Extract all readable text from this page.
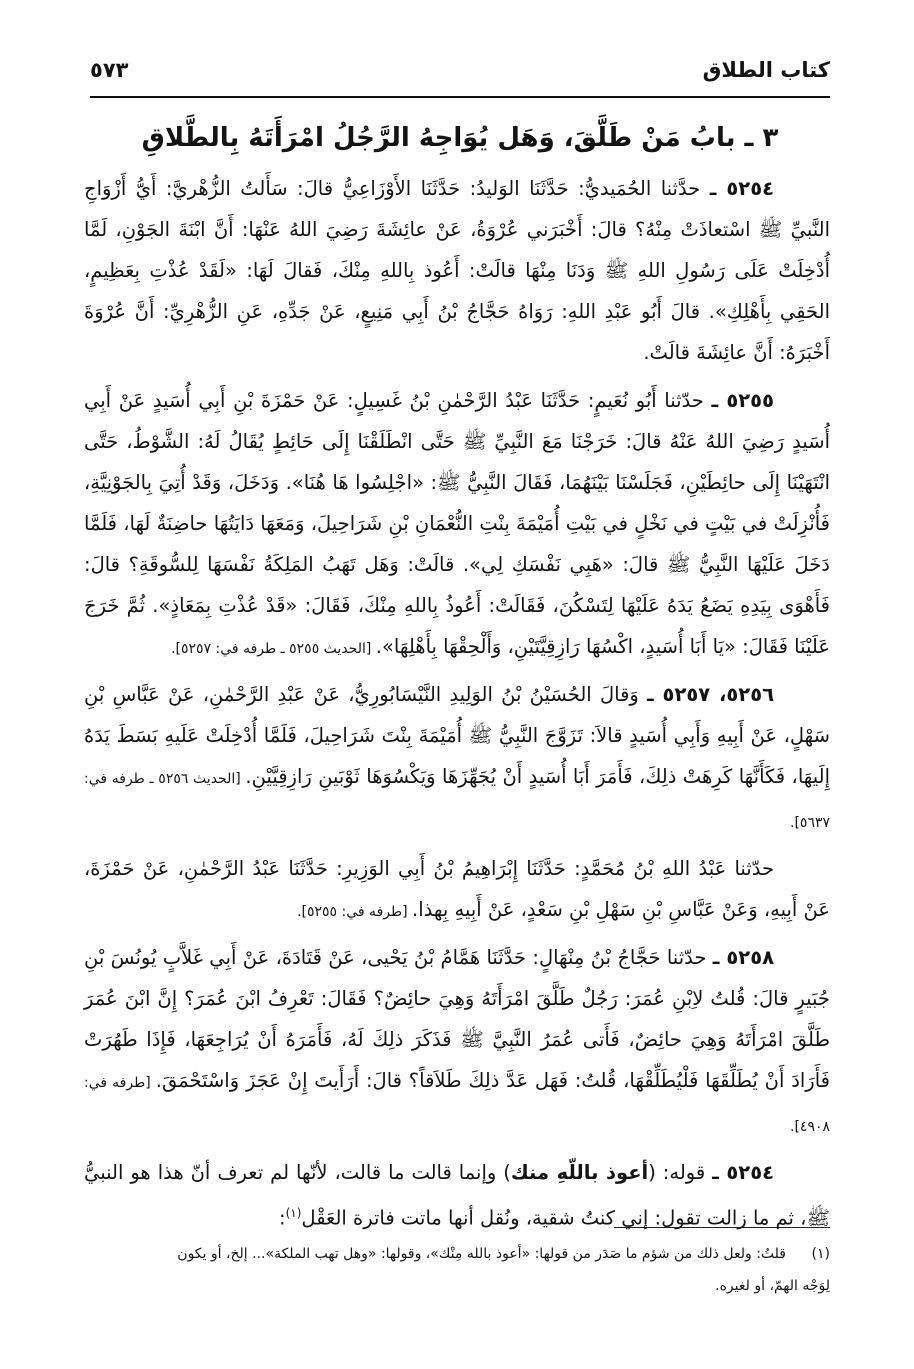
كتاب الطلاق
٥٧٣
٣ ـ بابُ مَنْ طَلَّقَ، وَهَل يُوَاجِهُ الرَّجُلُ امْرَأَتَهُ بِالطَّلاقِ

٥٢٥٤ ـ حدَّثنا الحُمَيديُّ: حَدَّثَنَا الوَليدُ: حَدَّثَنَا الأَوْزَاعِيُّ قالَ: سَأَلتُ الزُّهْريَّ: أَيُّ أَزْوَاجِ النَّبيِّ ﷺ اسْتعاذَتْ مِنْهُ؟ قالَ: أَخْبَرَني عُرْوَةُ، عَنْ عائِشَةَ رَضِيَ اللهُ عَنْهَا: أَنَّ ابْنَةَ الجَوْنِ، لَمَّا أُدْخِلَتْ عَلَى رَسُولِ اللهِ ﷺ وَدَنَا مِنْهَا قالَتْ: أَعُوذ بِاللهِ مِنْكَ، فَقالَ لَهَا: «لَقَدْ عُذْتِ بِعَظِيمٍ، الحَقِي بِأَهْلِكِ». قالَ أَبُو عَبْدِ اللهِ: رَوَاهُ حَجَّاجُ بْنُ أَبِي مَنِيعٍ، عَنْ جَدِّهِ، عَنِ الزُّهْرِيِّ: أَنَّ عُرْوَةَ أَخْبَرَهُ: أَنَّ عائِشَةَ قالَتْ.

٥٢٥٥ ـ حدّثنا أَبُو نُعَيمٍ: حَدَّثَنَا عَبْدُ الرَّحْمٰنِ بْنُ غَسِيلٍ: عَنْ حَمْزَةَ بْنِ أَبِي أُسَيدٍ عَنْ أَبِي أُسَيدٍ رَضِيَ اللهُ عَنْهُ قالَ: خَرَجْنَا مَعَ النَّبِيِّ ﷺ حَتَّى انْطَلَقْنَا إِلَى حَائِطٍ يُقَالُ لَهُ: الشَّوْطُ، حَتَّى انْتَهَيْنَا إِلَى حائِطَيْنِ، فَجَلَسْنَا بَيْنَهُمَا، فَقَالَ النَّبِيُّ ﷺ: «اجْلِسُوا هَا هُنَا». وَدَخَلَ، وَقَدْ أُتِيَ بِالجَوْنِيَّةِ، فَأُنْزِلَتْ في بَيْتٍ في نَخْلٍ في بَيْتِ أُمَيْمَةَ بِنْتِ النُّعْمَانِ بْنِ شَرَاحِيلَ، وَمَعَهَا دَايَتُهَا حاضِنَةٌ لَهَا، فَلَمَّا دَخَلَ عَلَيْهَا النَّبِيُّ ﷺ قالَ: «هَبِي نَفْسَكِ لِي». قالَتْ: وَهَل تَهَبُ المَلِكَةُ نَفْسَهَا لِلسُّوقَةِ؟ قالَ: فَأَهْوَى بِيَدِهِ يَضَعُ يَدَهُ عَلَيْهَا لِتَسْكُنَ، فَقَالَتْ: أَعُوذُ بِاللهِ مِنْكَ، فَقَالَ: «قَدْ عُذْتِ بِمَعَاذٍ». ثُمَّ خَرَجَ عَلَيْنَا فَقَالَ: «يَا أَبَا أُسَيدٍ، اكْسُهَا رَازِقِيَّتَيْنِ، وَأَلْحِقْهَا بِأَهْلِهَا». [الحديث ٥٢٥٥ ـ طرفه في: ٥٢٥٧].

٥٢٥٦، ٥٢٥٧ ـ وَقالَ الحُسَيْنُ بْنُ الوَلِيدِ النَّيْسَابُورِيُّ، عَنْ عَبْدِ الرَّحْمٰنِ، عَنْ عَبَّاسِ بْنِ سَهْلٍ، عَنْ أَبِيهِ وَأَبِي أُسَيدٍ قالاَ: تَزَوَّجَ النَّبِيُّ ﷺ أُمَيْمَةَ بِنْتَ شَرَاحِيلَ، فَلَمَّا أُدْخِلَتْ عَلَيهِ بَسَطَ يَدَهُ إِلَيهَا، فَكَأَنَّهَا كَرِهَتْ ذلِكَ، فَأَمَرَ أَبَا أُسَيدٍ أَنْ يُجَهِّزَهَا وَيَكْسُوَهَا ثَوْبَينِ رَازِقِيَّيْنِ. [الحديث ٥٢٥٦ ـ طرفه في: ٥٦٣٧].

حدّثنا عَبْدُ اللهِ بْنُ مُحَمَّدٍ: حَدَّثَنَا إِبْرَاهِيمُ بْنُ أَبِي الوَزِيرِ: حَدَّثَنَا عَبْدُ الرَّحْمٰنِ، عَنْ حَمْزَةَ، عَنْ أَبِيهِ، وَعَنْ عَبَّاسِ بْنِ سَهْلِ بْنِ سَعْدٍ، عَنْ أَبِيهِ بِهذا. [طرفه في: ٥٢٥٥].

٥٢٥٨ ـ حدّثنا حَجَّاجُ بْنُ مِنْهَالٍ: حَدَّثَنَا هَمَّامُ بْنُ يَحْيى، عَنْ قَتَادَةَ، عَنْ أَبِي غَلاَّبٍ يُونُسَ بْنِ جُبَيرٍ قالَ: قُلتُ لاِبْنِ عُمَرَ: رَجُلٌ طَلَّقَ امْرَأَتَهُ وَهِيَ حائِضٌ؟ فَقَالَ: تَعْرِفُ ابْنَ عُمَرَ؟ إِنَّ ابْنَ عُمَرَ طَلَّقَ امْرَأَتَهُ وَهِيَ حائِضٌ، فَأَتى عُمَرُ النَّبِيَّ ﷺ فَذَكَرَ ذلِكَ لَهُ، فَأَمَرَهُ أَنْ يُرَاجِعَهَا، فَإِذَا طَهُرَتْ فَأَرَادَ أَنْ يُطَلِّقَهَا فَلْيُطَلِّقْهَا، قُلتُ: فَهَل عَدَّ ذلِكَ طَلاَقاً؟ قالَ: أَرَأَيتَ إِنْ عَجَزَ وَاسْتَحْمَقَ. [طرفه في: ٤٩٠٨].

٥٢٥٤ ـ قوله: (أعوذ باللّهِ منك) وإنما قالت ما قالت، لأنّها لم تعرف أنّ هذا هو النبيُّ ﷺ، ثم ما زالت تقول: إني كنتُ شقية، ونُقل أنها ماتت فاترة العَقْل$^{(١)}$:

(١)قلتُ: ولعل ذلك من شؤم ما صَدَر من قولها: «أعوذ بالله مِنْك»، وقولها: «وهل تهب الملكة»... إلخ، أو يكون

لِوَجْه الهمّ، أو لغيره.
